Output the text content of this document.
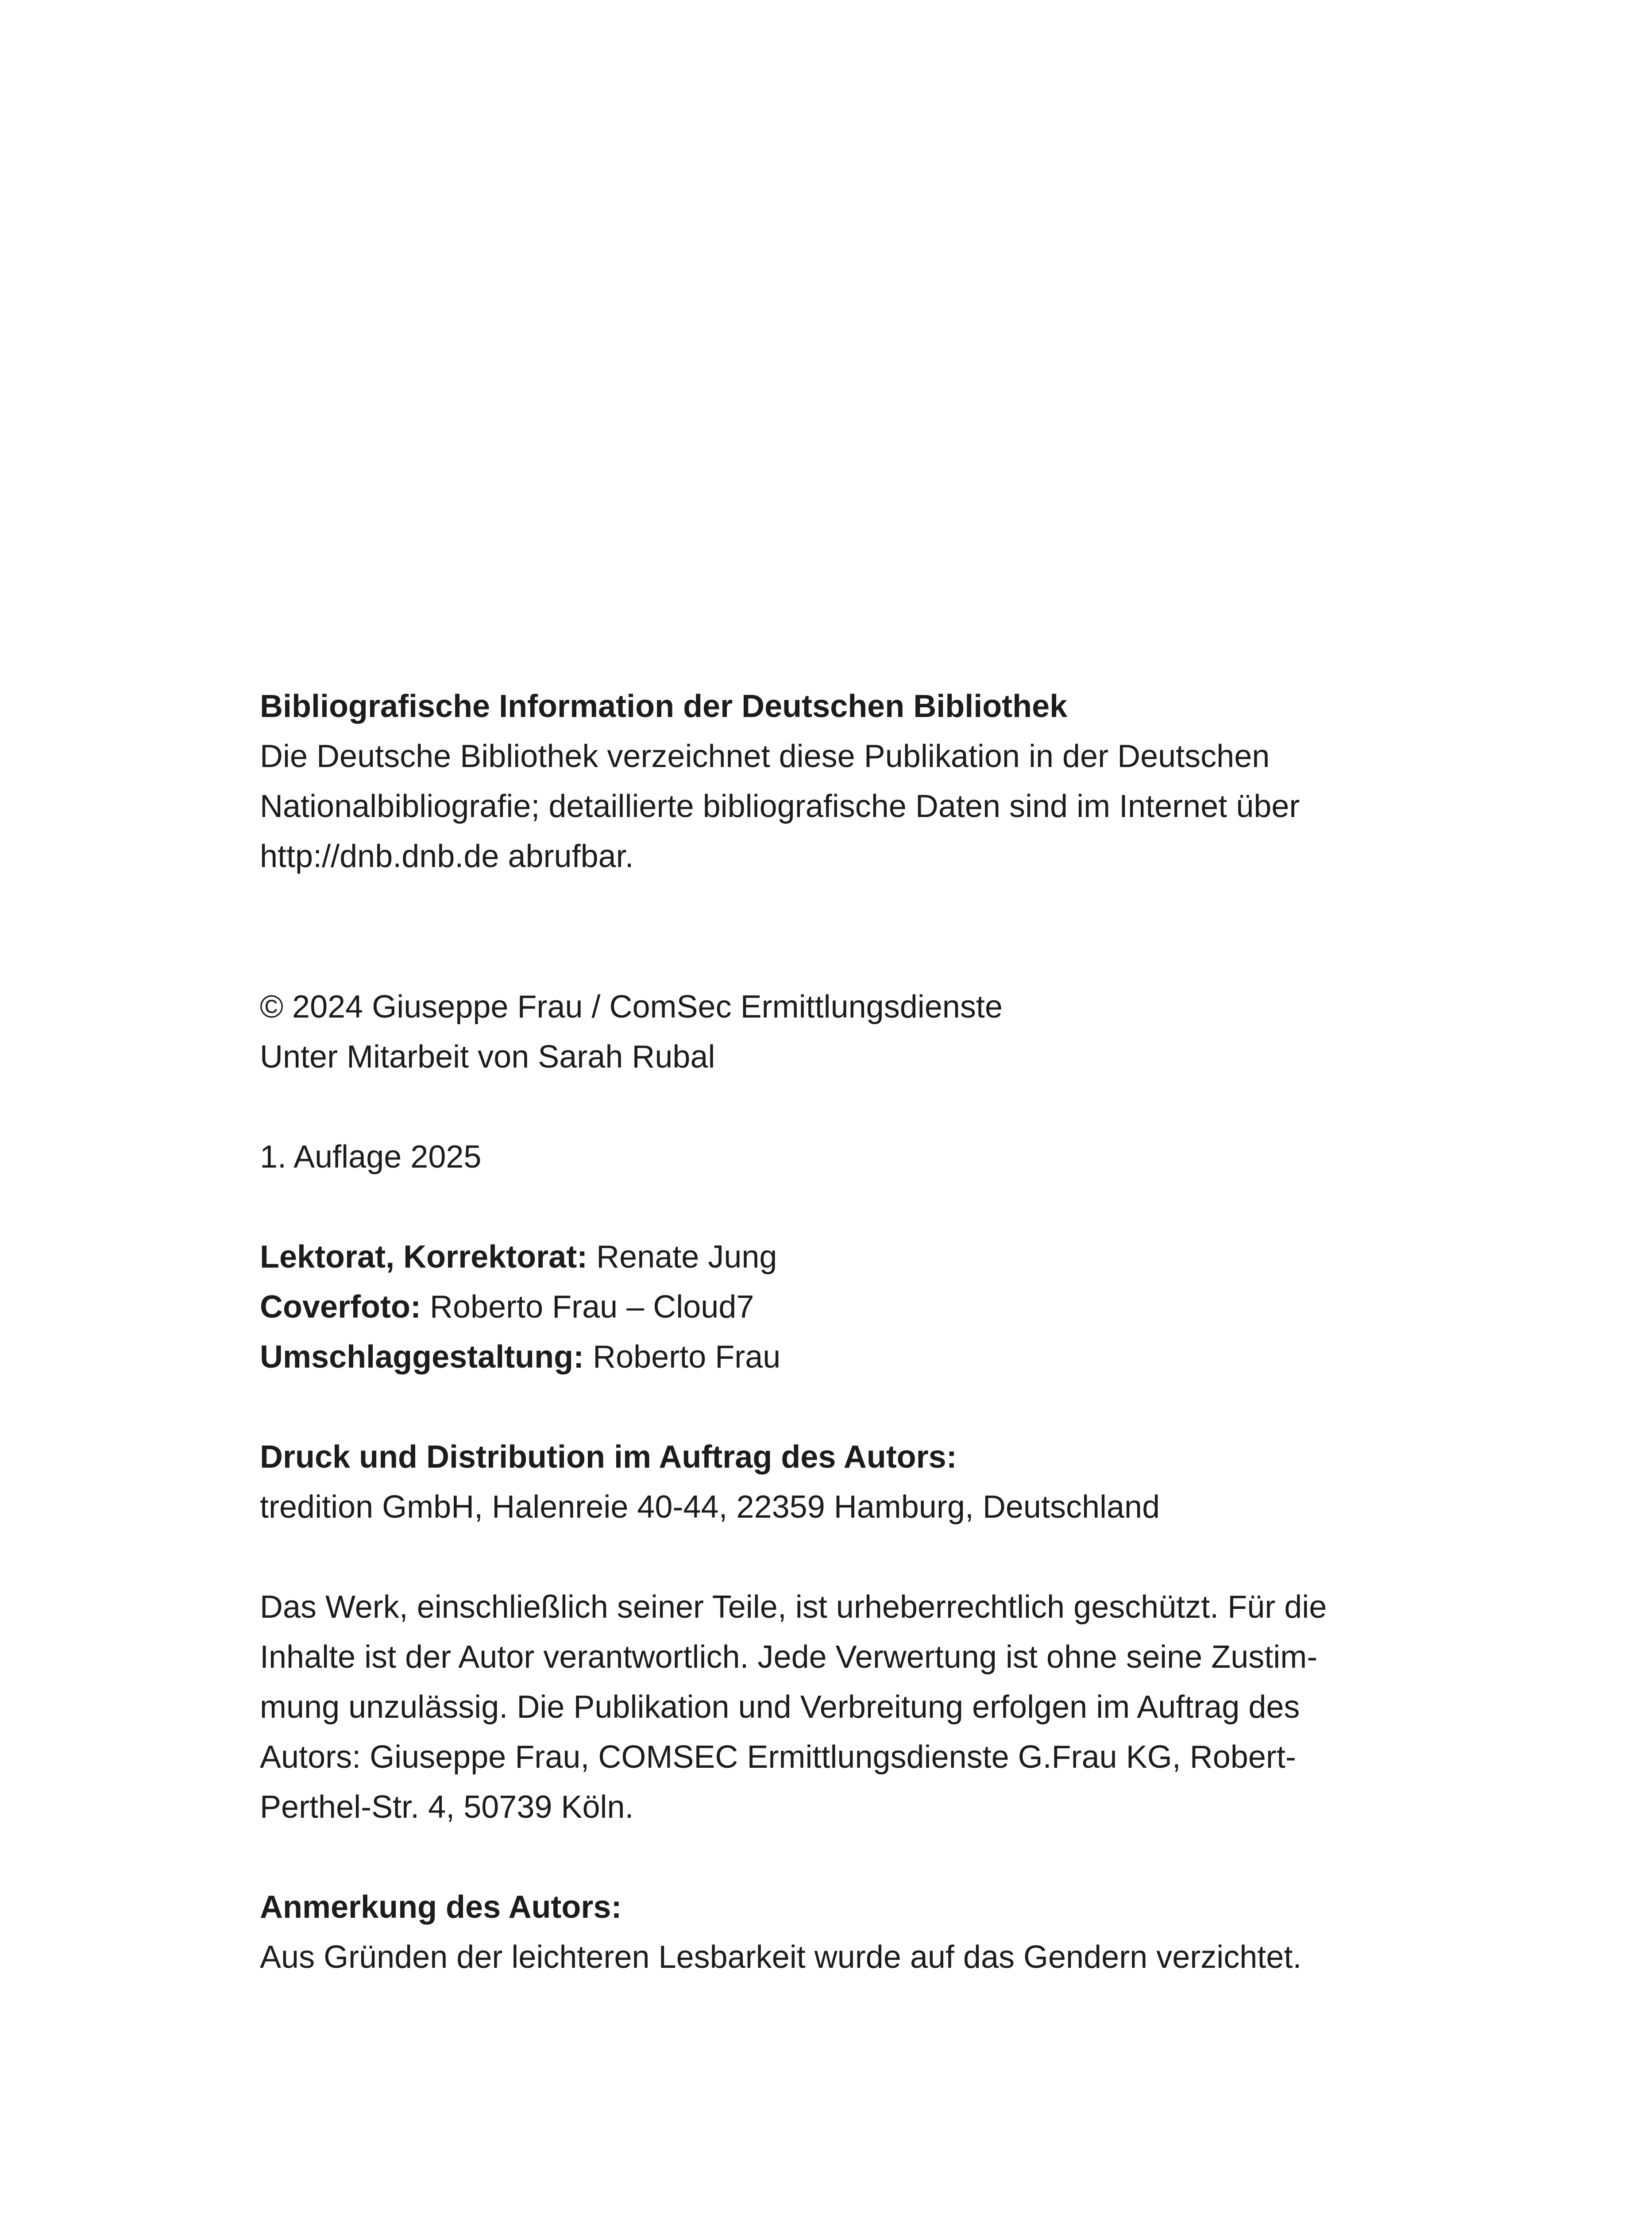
Bibliografische Information der Deutschen Bibliothek
Die Deutsche Bibliothek verzeichnet diese Publikation in der Deutschen
Nationalbibliografie; detaillierte bibliografische Daten sind im Internet über
http://dnb.dnb.de abrufbar.
© 2024 Giuseppe Frau / ComSec Ermittlungsdienste
Unter Mitarbeit von Sarah Rubal
1. Auflage 2025
Lektorat, Korrektorat: Renate Jung
Coverfoto: Roberto Frau – Cloud7
Umschlaggestaltung: Roberto Frau
Druck und Distribution im Auftrag des Autors:
tredition GmbH, Halenreie 40-44, 22359 Hamburg, Deutschland
Das Werk, einschließlich seiner Teile, ist urheberrechtlich geschützt. Für die
Inhalte ist der Autor verantwortlich. Jede Verwertung ist ohne seine Zustim-
mung unzulässig. Die Publikation und Verbreitung erfolgen im Auftrag des
Autors: Giuseppe Frau, COMSEC Ermittlungsdienste G.Frau KG, Robert-
Perthel-Str. 4, 50739 Köln.
Anmerkung des Autors:
Aus Gründen der leichteren Lesbarkeit wurde auf das Gendern verzichtet.
